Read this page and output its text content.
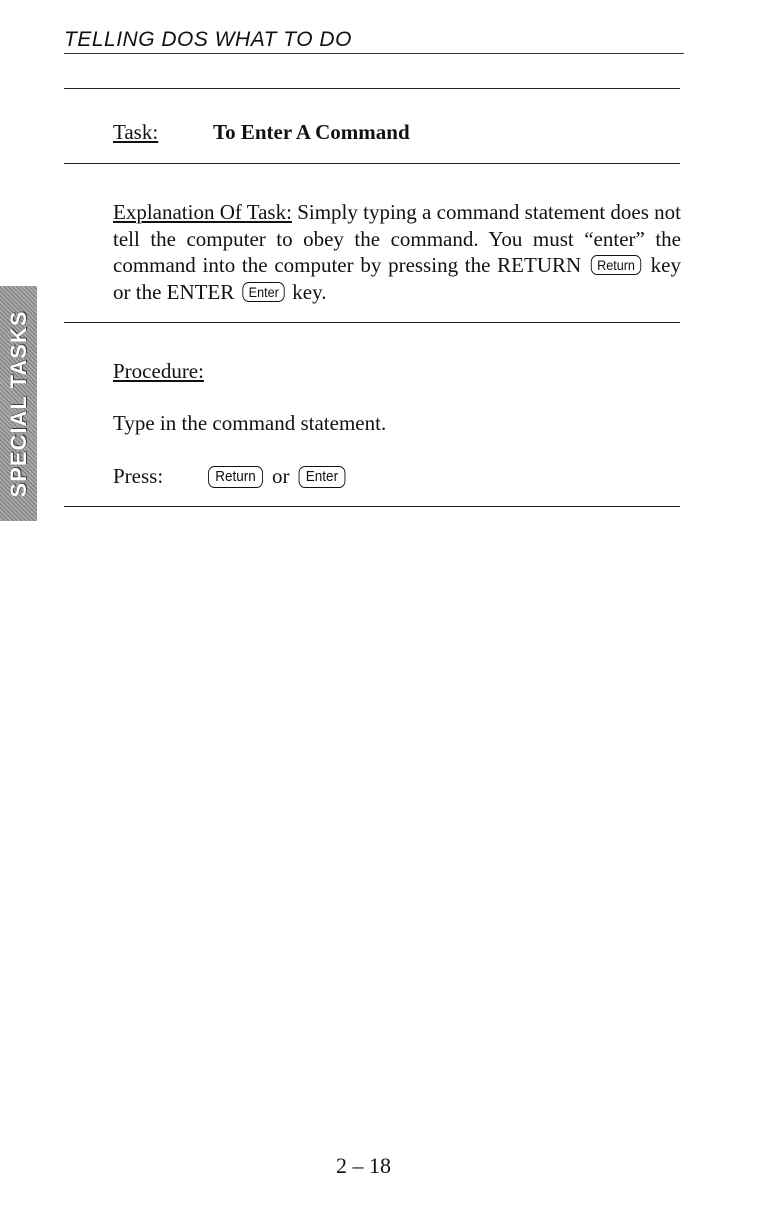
TELLING DOS WHAT TO DO
Task:	To Enter A Command
Explanation Of Task: Simply typing a command statement does not tell the computer to obey the command. You must “enter” the command into the computer by pressing the RETURN Return key or the ENTER Enter key.
Procedure:
Type in the command statement.
Press:	Return or Enter
SPECIAL TASKS
2 – 18
